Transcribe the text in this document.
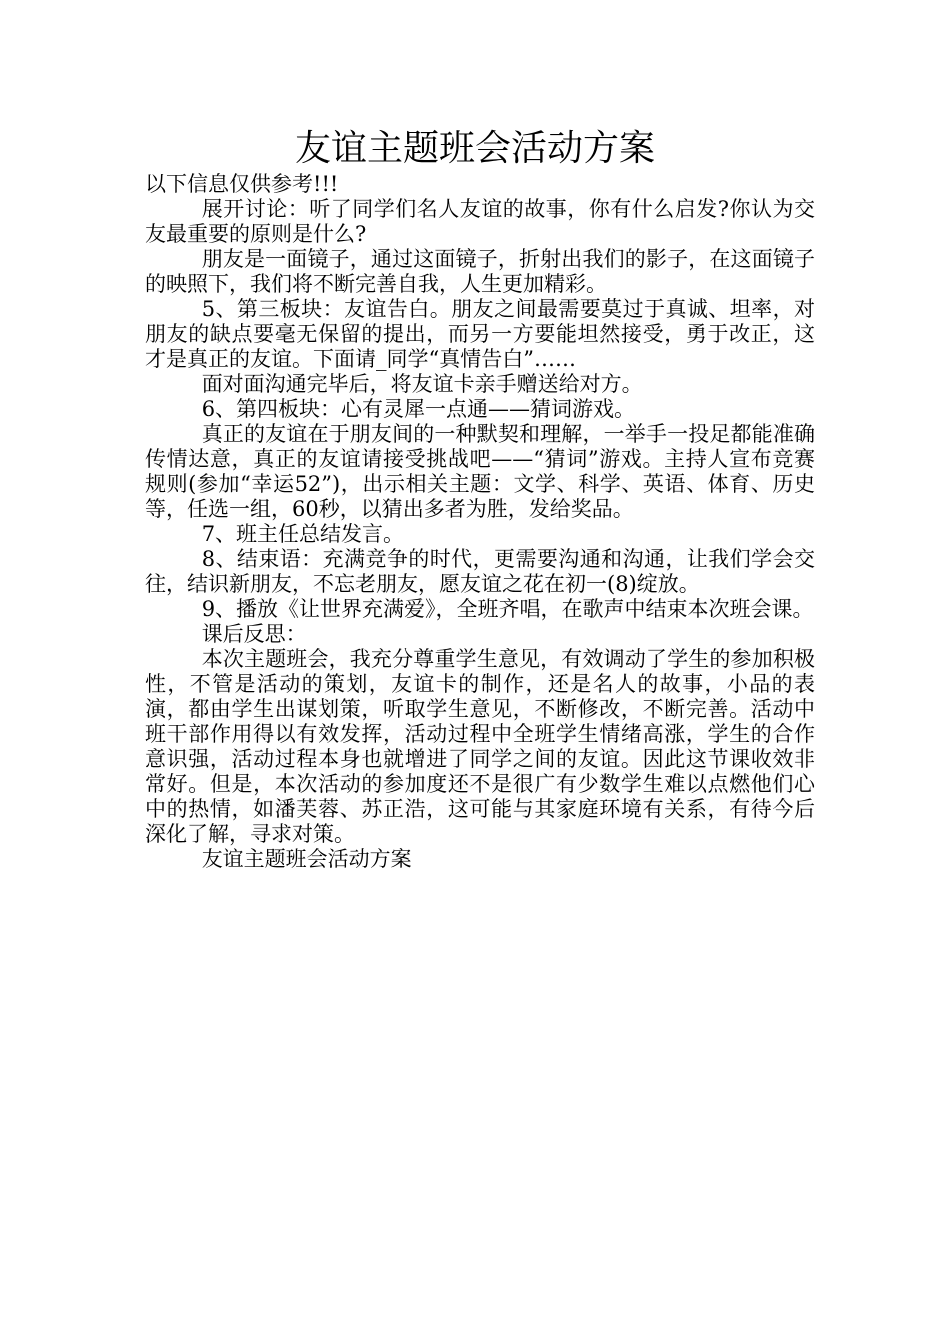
友谊主题班会活动方案

以下信息仅供参考!!!

展开讨论：听了同学们名人友谊的故事，你有什么启发?你认为交友最重要的原则是什么?

朋友是一面镜子，通过这面镜子，折射出我们的影子，在这面镜子的映照下，我们将不断完善自我，人生更加精彩。

5、第三板块：友谊告白。朋友之间最需要莫过于真诚、坦率，对朋友的缺点要毫无保留的提出，而另一方要能坦然接受，勇于改正，这才是真正的友谊。下面请_同学“真情告白”……

面对面沟通完毕后，将友谊卡亲手赠送给对方。

6、第四板块：心有灵犀一点通——猜词游戏。

真正的友谊在于朋友间的一种默契和理解，一举手一投足都能准确传情达意，真正的友谊请接受挑战吧——“猜词”游戏。主持人宣布竞赛规则(参加“幸运52”)，出示相关主题：文学、科学、英语、体育、历史等，任选一组，60秒，以猜出多者为胜，发给奖品。

7、班主任总结发言。

8、结束语：充满竞争的时代，更需要沟通和沟通，让我们学会交往，结识新朋友，不忘老朋友，愿友谊之花在初一(8)绽放。

9、播放《让世界充满爱》，全班齐唱，在歌声中结束本次班会课。

课后反思：

本次主题班会，我充分尊重学生意见，有效调动了学生的参加积极性，不管是活动的策划，友谊卡的制作，还是名人的故事，小品的表演，都由学生出谋划策，听取学生意见，不断修改，不断完善。活动中班干部作用得以有效发挥，活动过程中全班学生情绪高涨，学生的合作意识强，活动过程本身也就增进了同学之间的友谊。因此这节课收效非常好。但是，本次活动的参加度还不是很广有少数学生难以点燃他们心中的热情，如潘芙蓉、苏正浩，这可能与其家庭环境有关系，有待今后深化了解，寻求对策。

友谊主题班会活动方案
